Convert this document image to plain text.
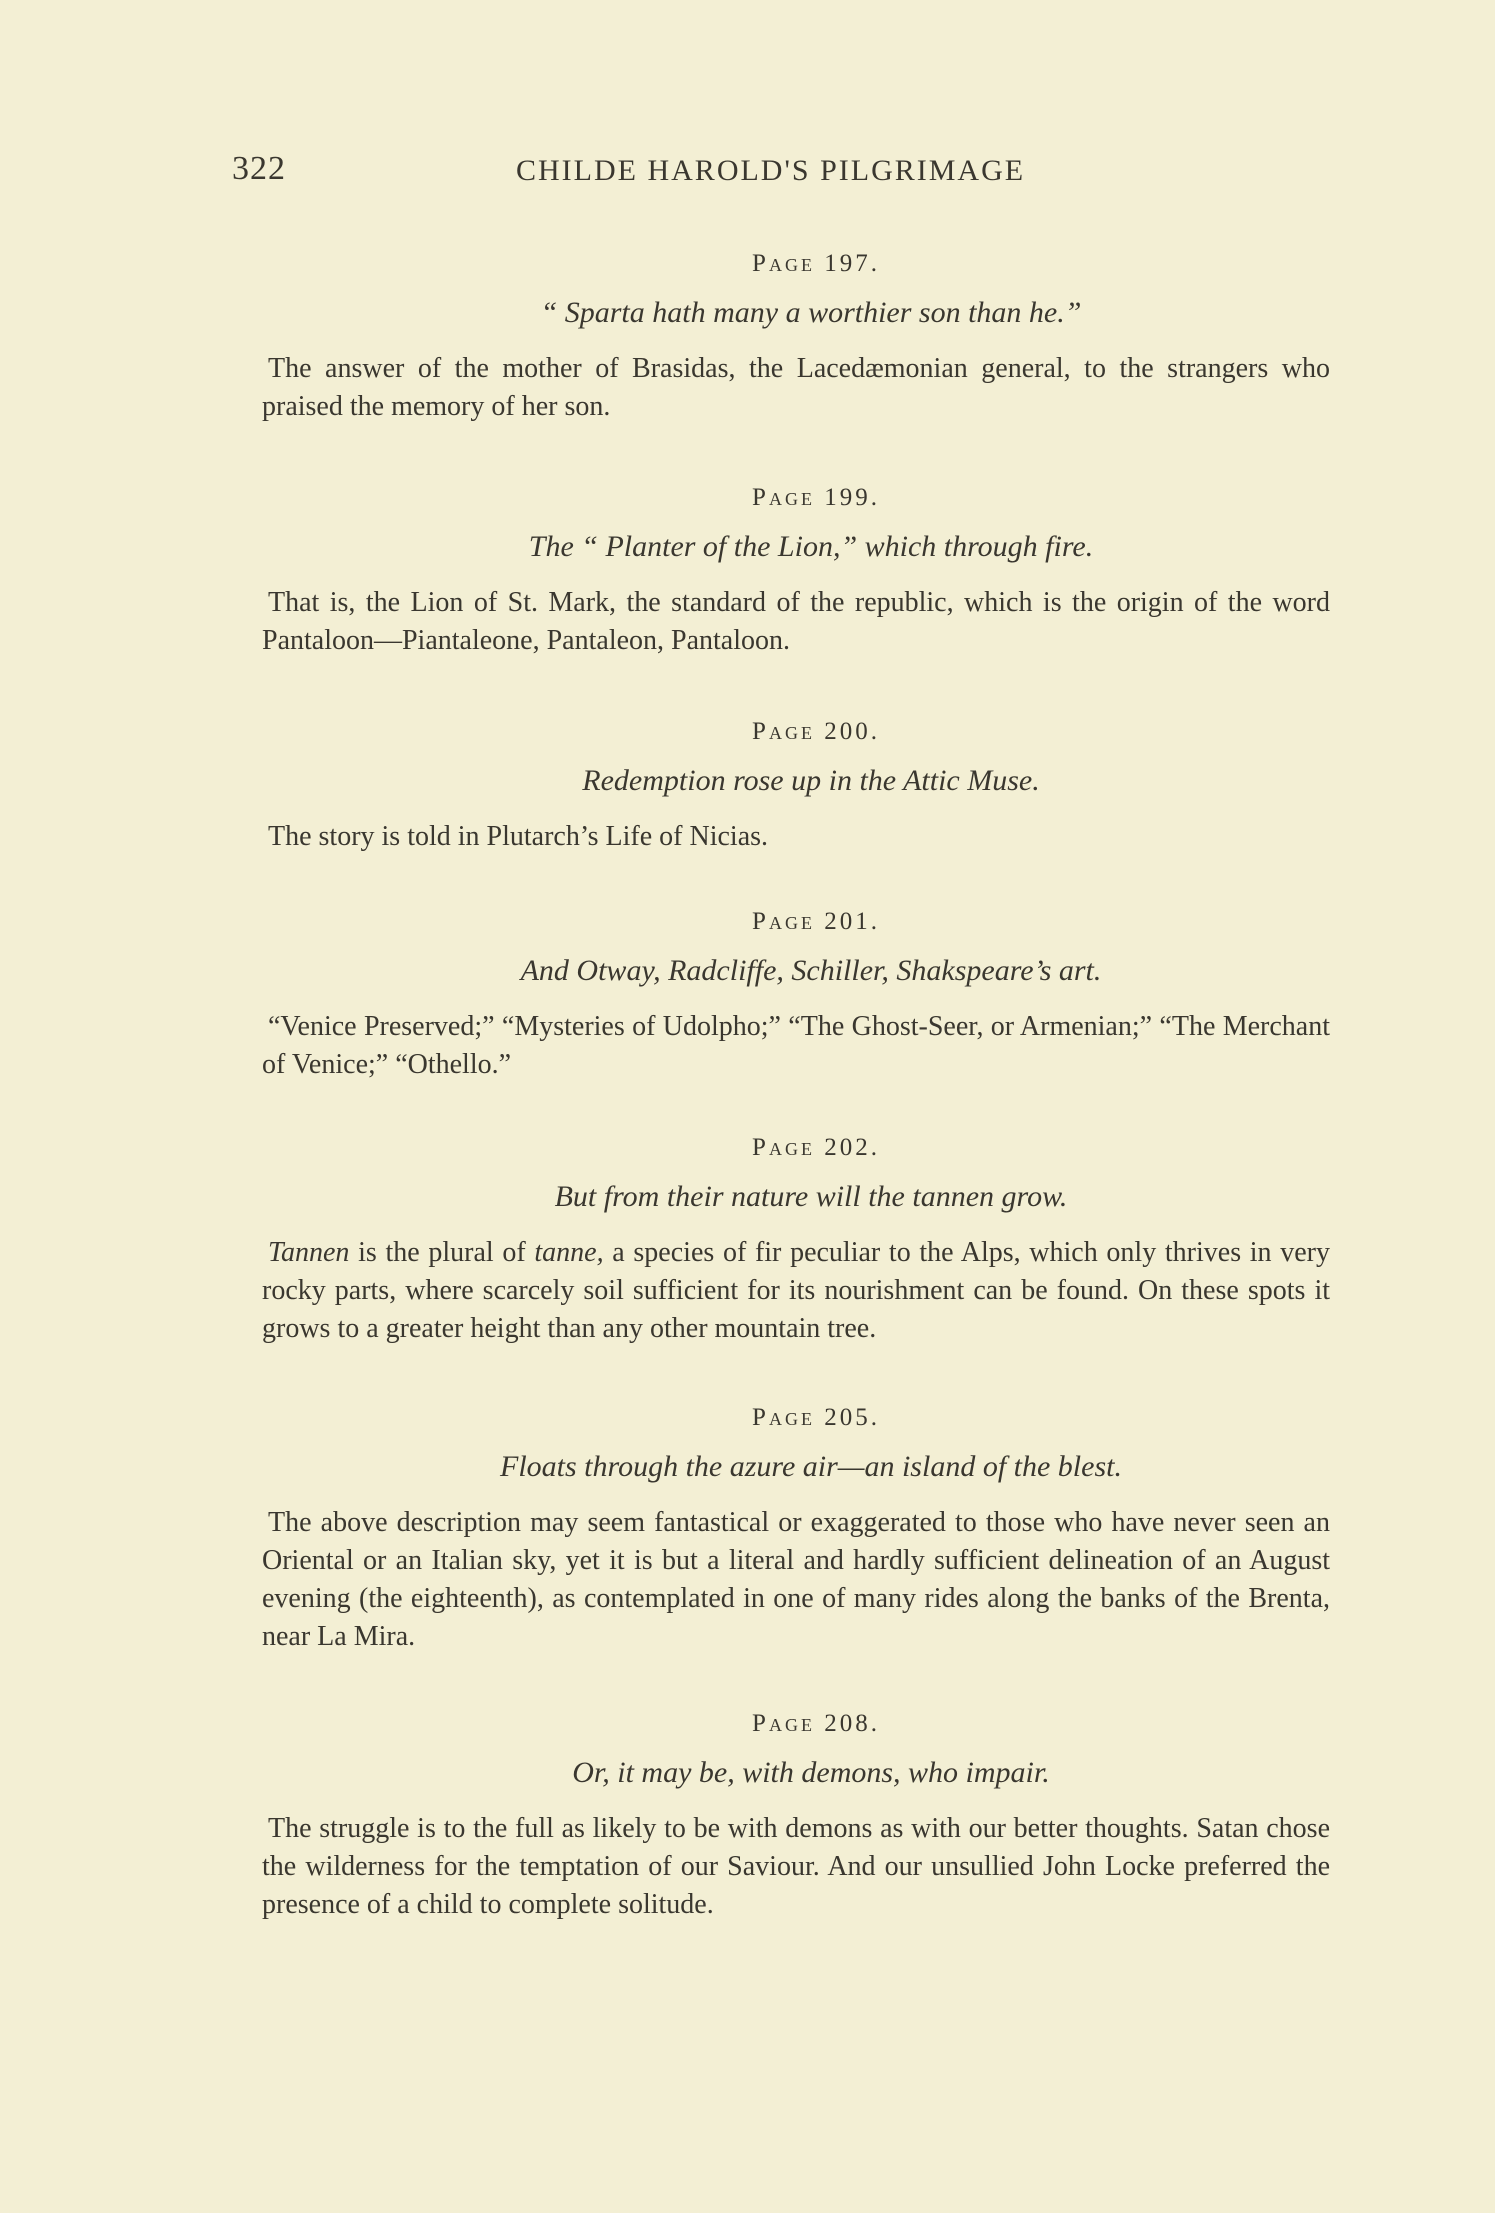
322	CHILDE HAROLD'S PILGRIMAGE
Page 197.
“ Sparta hath many a worthier son than he.”

The answer of the mother of Brasidas, the Lacedæmonian general, to the strangers who praised the memory of her son.

Page 199.
The “ Planter of the Lion,” which through fire.

That is, the Lion of St. Mark, the standard of the republic, which is the origin of the word Pantaloon—Piantaleone, Pantaleon, Pantaloon.

Page 200.
Redemption rose up in the Attic Muse.

The story is told in Plutarch’s Life of Nicias.

Page 201.
And Otway, Radcliffe, Schiller, Shakspeare’s art.

“Venice Preserved;” “Mysteries of Udolpho;” “The Ghost-Seer, or Armenian;” “The Merchant of Venice;” “Othello.”

Page 202.
But from their nature will the tannen grow.

Tannen is the plural of tanne, a species of fir peculiar to the Alps, which only thrives in very rocky parts, where scarcely soil sufficient for its nourishment can be found. On these spots it grows to a greater height than any other mountain tree.

Page 205.
Floats through the azure air—an island of the blest.

The above description may seem fantastical or exaggerated to those who have never seen an Oriental or an Italian sky, yet it is but a literal and hardly sufficient delineation of an August evening (the eighteenth), as contemplated in one of many rides along the banks of the Brenta, near La Mira.

Page 208.
Or, it may be, with demons, who impair.

The struggle is to the full as likely to be with demons as with our better thoughts. Satan chose the wilderness for the temptation of our Saviour. And our unsullied John Locke preferred the presence of a child to complete solitude.
